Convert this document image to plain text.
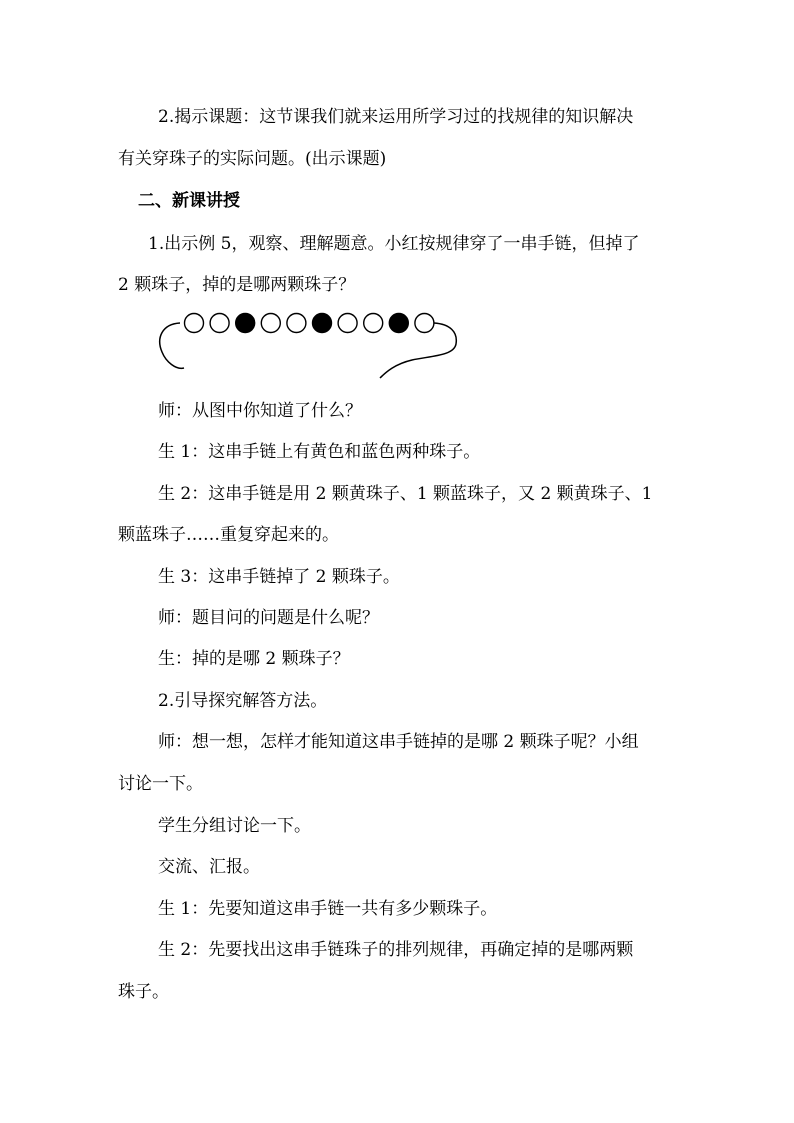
2.揭示课题：这节课我们就来运用所学习过的找规律的知识解决
有关穿珠子的实际问题。(出示课题)
二、新课讲授
1.出示例 5，观察、理解题意。小红按规律穿了一串手链，但掉了
2 颗珠子，掉的是哪两颗珠子？
师：从图中你知道了什么？
生 1：这串手链上有黄色和蓝色两种珠子。
生 2：这串手链是用 2 颗黄珠子、1 颗蓝珠子，又 2 颗黄珠子、1
颗蓝珠子……重复穿起来的。
生 3：这串手链掉了 2 颗珠子。
师：题目问的问题是什么呢？
生：掉的是哪 2 颗珠子？
2.引导探究解答方法。
师：想一想，怎样才能知道这串手链掉的是哪 2 颗珠子呢？小组
讨论一下。
学生分组讨论一下。
交流、汇报。
生 1：先要知道这串手链一共有多少颗珠子。
生 2：先要找出这串手链珠子的排列规律，再确定掉的是哪两颗
珠子。
